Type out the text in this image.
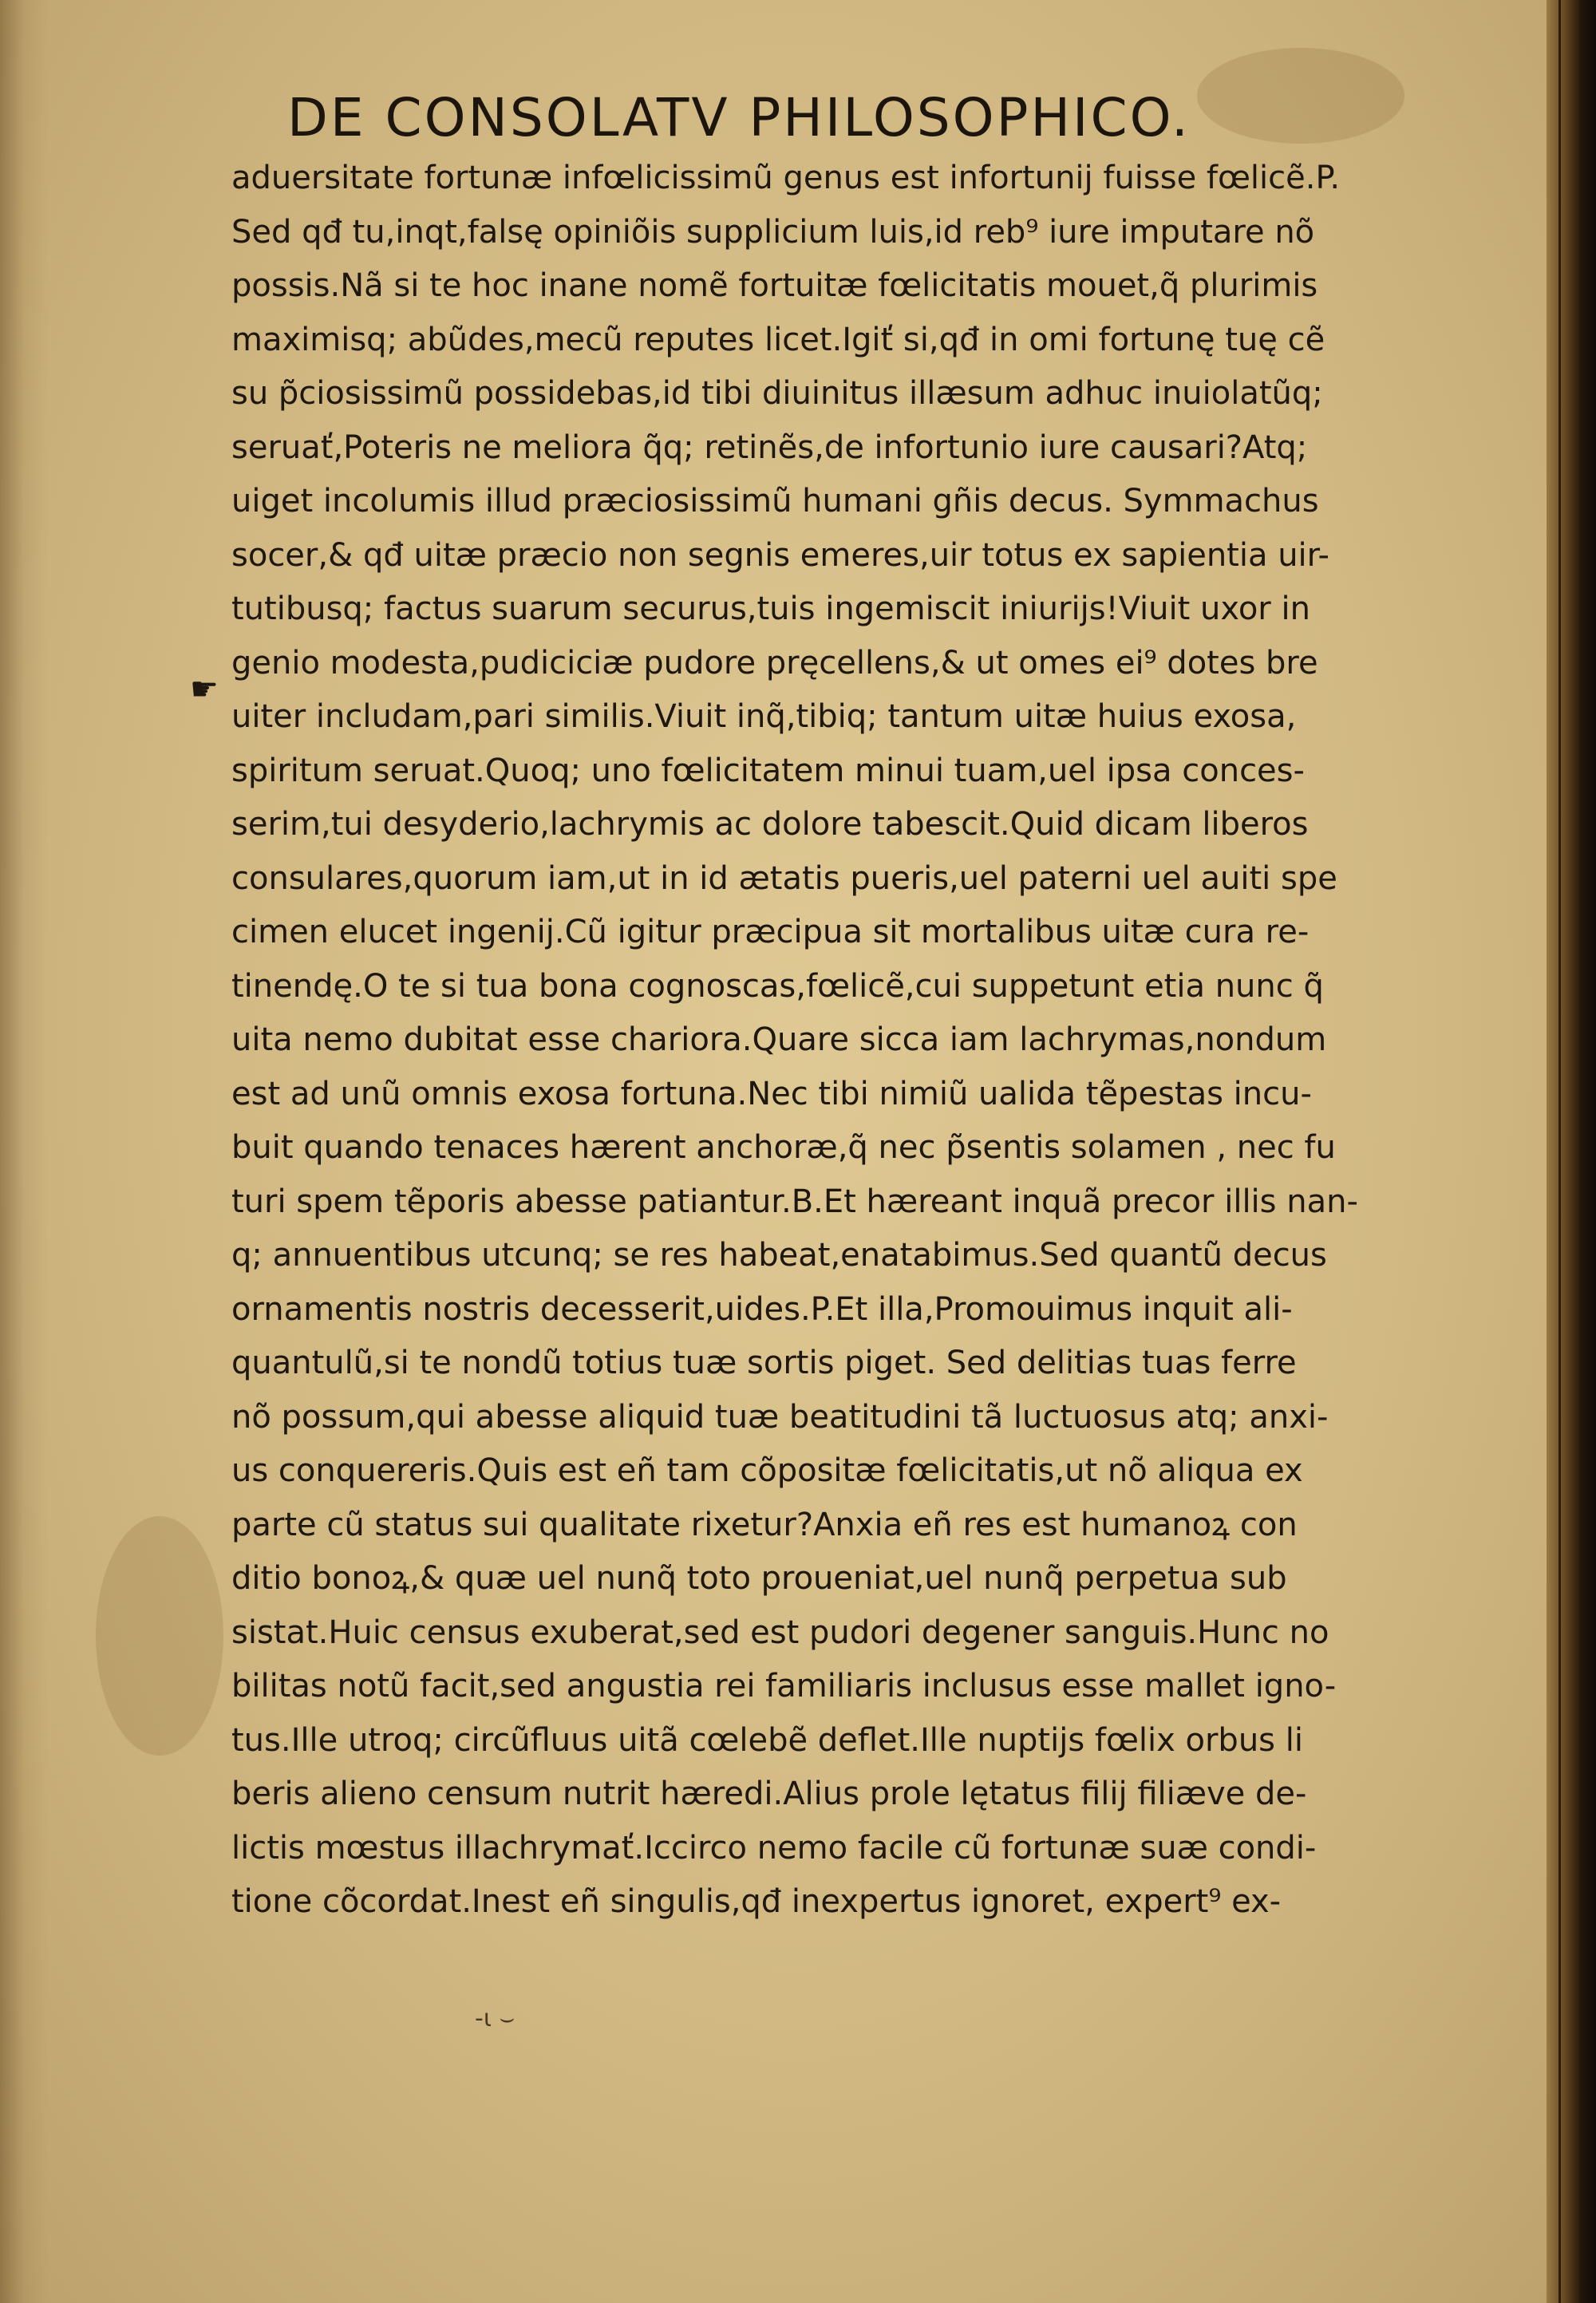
DE CONSOLATV PHILOSOPHICO.
☛
aduersitate fortunæ infœlicissimũ genus est infortunij fuisse fœlicẽ.P.
Sed qđ tu,inqt,falsę opiniõis supplicium luis,id reb⁹ iure imputare nõ
possis.Nã si te hoc inane nomẽ fortuitæ fœlicitatis mouet,q̃ plurimis
maximisq; abũdes,mecũ reputes licet.Igiť si,qđ in omi fortunę tuę cẽ
su p̃ciosissimũ possidebas,id tibi diuinitus illæsum adhuc inuiolatũq;
seruať,Poteris ne meliora q̃q; retinẽs,de infortunio iure causari?Atq;
uiget incolumis illud præciosissimũ humani gñis decus. Symmachus
socer,& qđ uitæ præcio non segnis emeres,uir totus ex sapientia uir-
tutibusq; factus suarum securus,tuis ingemiscit iniurijs!Viuit uxor in
genio modesta,pudiciciæ pudore pręcellens,& ut omes ei⁹ dotes bre
uiter includam,pari similis.Viuit inq̃,tibiq; tantum uitæ huius exosa,
spiritum seruat.Quoq; uno fœlicitatem minui tuam,uel ipsa conces-
serim,tui desyderio,lachrymis ac dolore tabescit.Quid dicam liberos
consulares,quorum iam,ut in id ætatis pueris,uel paterni uel auiti spe
cimen elucet ingenij.Cũ igitur præcipua sit mortalibus uitæ cura re-
tinendę.O te si tua bona cognoscas,fœlicẽ,cui suppetunt etia nunc q̃
uita nemo dubitat esse chariora.Quare sicca iam lachrymas,nondum
est ad unũ omnis exosa fortuna.Nec tibi nimiũ ualida tẽpestas incu-
buit quando tenaces hærent anchoræ,q̃ nec p̃sentis solamen , nec fu
turi spem tẽporis abesse patiantur.B.Et hæreant inquã precor illis nan-
q; annuentibus utcunq; se res habeat,enatabimus.Sed quantũ decus
ornamentis nostris decesserit,uides.P.Et illa,Promouimus inquit ali-
quantulũ,si te nondũ totius tuæ sortis piget. Sed delitias tuas ferre
nõ possum,qui abesse aliquid tuæ beatitudini tã luctuosus atq; anxi-
us conquereris.Quis est eñ tam cõpositæ fœlicitatis,ut nõ aliqua ex
parte cũ status sui qualitate rixetur?Anxia eñ res est humanoꝝ con
ditio bonoꝝ,& quæ uel nunq̃ toto proueniat,uel nunq̃ perpetua sub
sistat.Huic census exuberat,sed est pudori degener sanguis.Hunc no
bilitas notũ facit,sed angustia rei familiaris inclusus esse mallet igno-
tus.Ille utroq; circũfluus uitã cœlebẽ deflet.Ille nuptijs fœlix orbus li
beris alieno censum nutrit hæredi.Alius prole lętatus filij filiæve de-
lictis mœstus illachrymať.Iccirco nemo facile cũ fortunæ suæ condi-
tione cõcordat.Inest eñ singulis,qđ inexpertus ignoret, expert⁹ ex-
-ι ⌣
